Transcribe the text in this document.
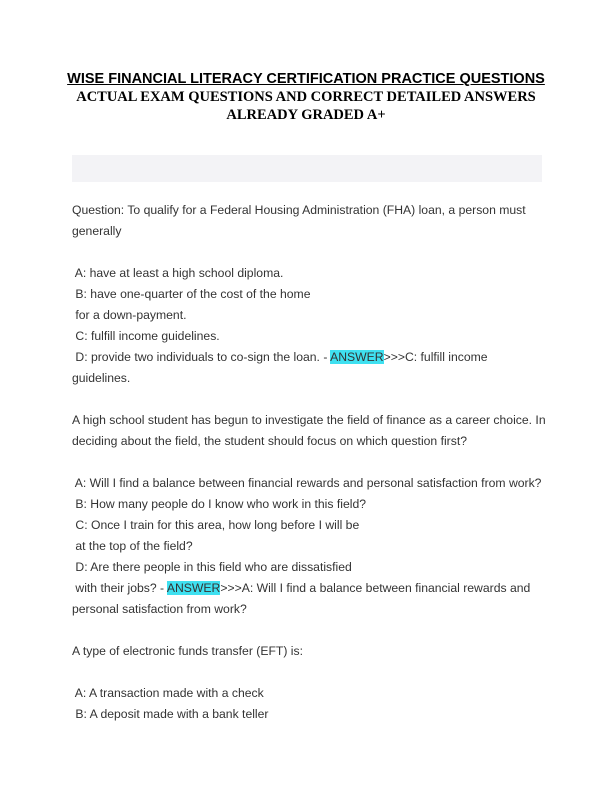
WISE FINANCIAL LITERACY CERTIFICATION PRACTICE QUESTIONS
ACTUAL EXAM QUESTIONS AND CORRECT DETAILED ANSWERS
ALREADY GRADED A+

Question: To qualify for a Federal Housing Administration (FHA) loan, a person must

generally

A: have at least a high school diploma.

B: have one-quarter of the cost of the home

for a down-payment.

C: fulfill income guidelines.

D: provide two individuals to co-sign the loan. - ANSWER>>>C: fulfill income

guidelines.

A high school student has begun to investigate the field of finance as a career choice. In

deciding about the field, the student should focus on which question first?

A: Will I find a balance between financial rewards and personal satisfaction from work?

B: How many people do I know who work in this field?

C: Once I train for this area, how long before I will be

at the top of the field?

D: Are there people in this field who are dissatisfied

with their jobs? - ANSWER>>>A: Will I find a balance between financial rewards and

personal satisfaction from work?

A type of electronic funds transfer (EFT) is:

A: A transaction made with a check

B: A deposit made with a bank teller
